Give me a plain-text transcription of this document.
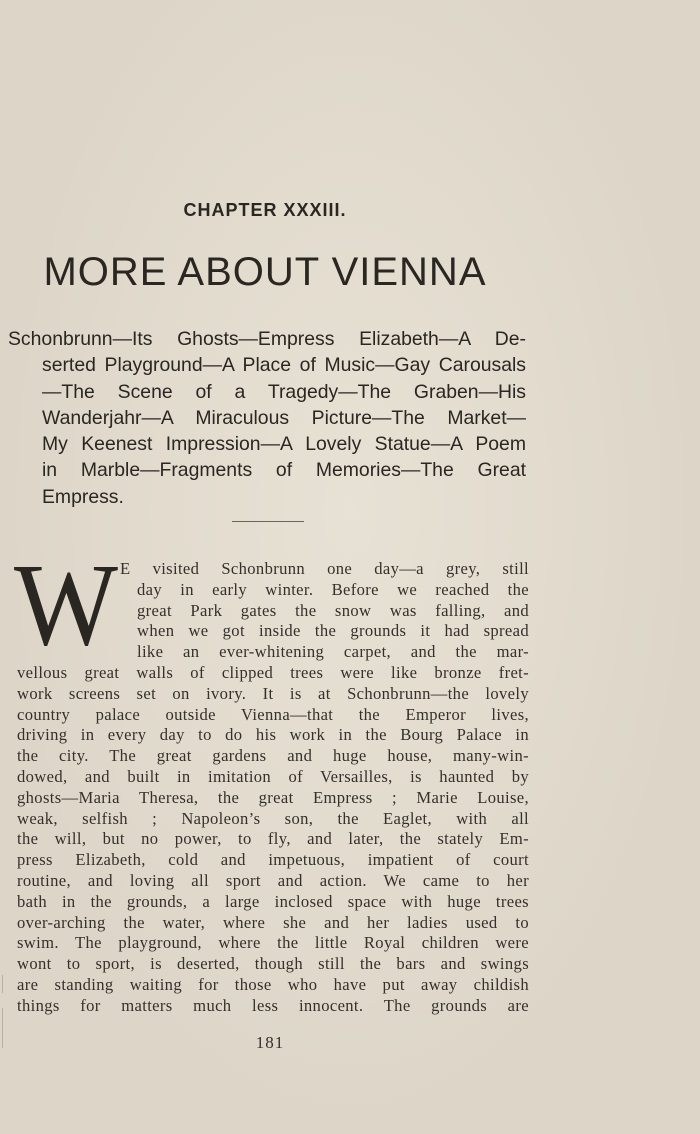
CHAPTER XXXIII.
MORE ABOUT VIENNA
Schonbrunn—Its Ghosts—Empress Elizabeth—A De-
serted Playground—A Place of Music—Gay Carousals
—The Scene of a Tragedy—The Graben—His
Wanderjahr—A Miraculous Picture—The Market—
My Keenest Impression—A Lovely Statue—A Poem
in Marble—Fragments of Memories—The Great
Empress.
W E visited Schonbrunn one day—a grey, still
day in early winter. Before we reached the
great Park gates the snow was falling, and
when we got inside the grounds it had spread
like an ever-whitening carpet, and the mar-
vellous great walls of clipped trees were like bronze fret-
work screens set on ivory. It is at Schonbrunn—the lovely
country palace outside Vienna—that the Emperor lives,
driving in every day to do his work in the Bourg Palace in
the city. The great gardens and huge house, many-win-
dowed, and built in imitation of Versailles, is haunted by
ghosts—Maria Theresa, the great Empress ; Marie Louise,
weak, selfish ; Napoleon’s son, the Eaglet, with all
the will, but no power, to fly, and later, the stately Em-
press Elizabeth, cold and impetuous, impatient of court
routine, and loving all sport and action. We came to her
bath in the grounds, a large inclosed space with huge trees
over-arching the water, where she and her ladies used to
swim. The playground, where the little Royal children were
wont to sport, is deserted, though still the bars and swings
are standing waiting for those who have put away childish
things for matters much less innocent. The grounds are
181
